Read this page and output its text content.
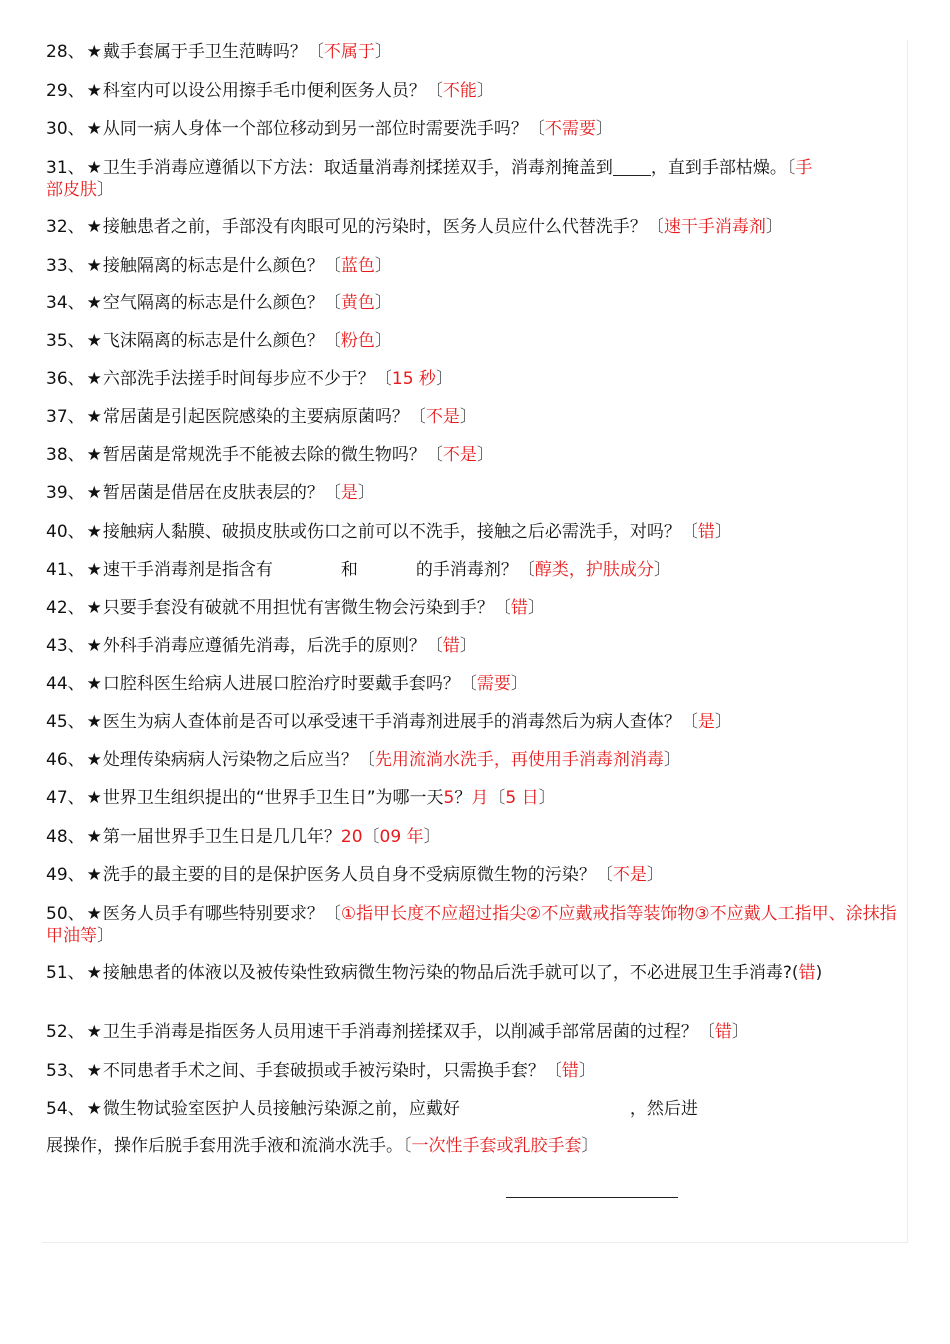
28、 ★戴手套属于手卫生范畴吗？〔不属于〕
29、 ★科室内可以设公用擦手毛巾便利医务人员？〔不能〕
30、 ★从同一病人身体一个部位移动到另一部位时需要洗手吗？〔不需要〕
31、 ★卫生手消毒应遵循以下方法：取适量消毒剂揉搓双手，消毒剂掩盖到 ，直到手部枯燥。〔手
部皮肤〕
32、 ★接触患者之前，手部没有肉眼可见的污染时，医务人员应什么代替洗手？〔速干手消毒剂〕
33、 ★接触隔离的标志是什么颜色？〔蓝色〕
34、 ★空气隔离的标志是什么颜色？〔黄色〕
35、 ★飞沫隔离的标志是什么颜色？〔粉色〕
36、 ★六部洗手法搓手时间每步应不少于？〔15 秒〕
37、 ★常居菌是引起医院感染的主要病原菌吗？〔不是〕
38、 ★暂居菌是常规洗手不能被去除的微生物吗？〔不是〕
39、 ★暂居菌是借居在皮肤表层的？〔是〕
40、 ★接触病人黏膜、破损皮肤或伤口之前可以不洗手，接触之后必需洗手，对吗？〔错〕
41、 ★速干手消毒剂是指含有	和	的手消毒剂？〔醇类，护肤成分〕
42、 ★只要手套没有破就不用担忧有害微生物会污染到手？〔错〕
43、 ★外科手消毒应遵循先消毒，后洗手的原则？〔错〕
44、 ★口腔科医生给病人进展口腔治疗时要戴手套吗？〔需要〕
45、 ★医生为病人查体前是否可以承受速干手消毒剂进展手的消毒然后为病人查体？〔是〕
46、 ★处理传染病病人污染物之后应当？〔先用流淌水洗手，再使用手消毒剂消毒〕
47、 ★世界卫生组织提出的“世界手卫生日”为哪一天5？月〔5 日〕
48、 ★第一届世界手卫生日是几几年？20〔09 年〕
49、 ★洗手的最主要的目的是保护医务人员自身不受病原微生物的污染？〔不是〕
50、 ★医务人员手有哪些特别要求？〔①指甲长度不应超过指尖②不应戴戒指等装饰物③不应戴人工指甲、涂抹指甲油等〕
51、 ★接触患者的体液以及被传染性致病微生物污染的物品后洗手就可以了，不必进展卫生手消毒?(错)
52、 ★卫生手消毒是指医务人员用速干手消毒剂搓揉双手，以削减手部常居菌的过程？〔错〕
53、 ★不同患者手术之间、手套破损或手被污染时，只需换手套？〔错〕
54、 ★微生物试验室医护人员接触污染源之前，应戴好	，然后进
展操作，操作后脱手套用洗手液和流淌水洗手。〔一次性手套或乳胶手套〕
